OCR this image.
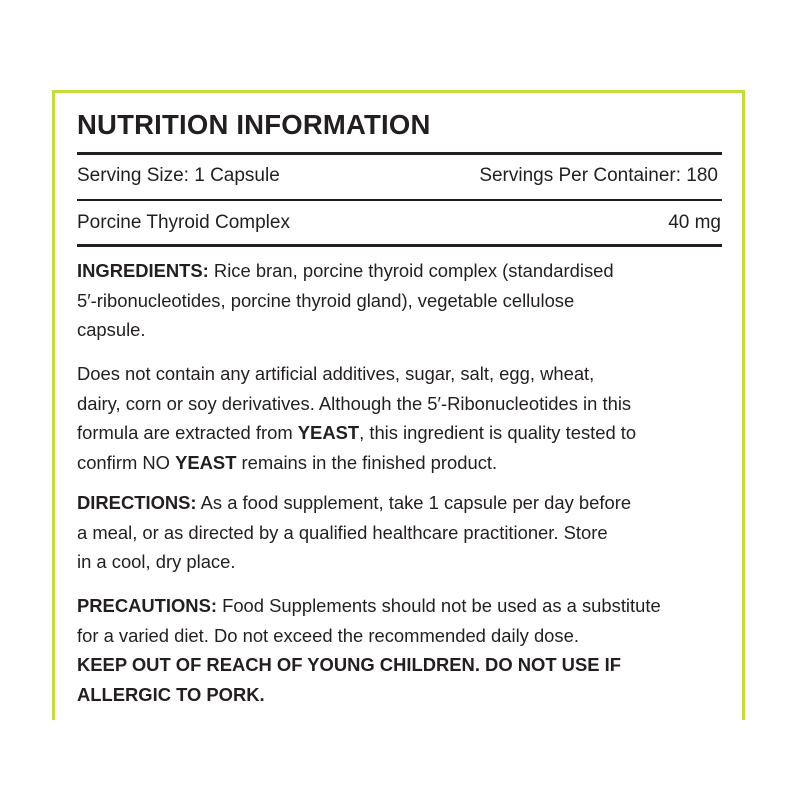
NUTRITION INFORMATION
Serving Size: 1 Capsule	Servings Per Container: 180
Porcine Thyroid Complex	40 mg
INGREDIENTS: Rice bran, porcine thyroid complex (standardised
5′-ribonucleotides, porcine thyroid gland), vegetable cellulose
capsule.
Does not contain any artificial additives, sugar, salt, egg, wheat,
dairy, corn or soy derivatives. Although the 5′-Ribonucleotides in this
formula are extracted from YEAST, this ingredient is quality tested to
confirm NO YEAST remains in the finished product.
DIRECTIONS: As a food supplement, take 1 capsule per day before
a meal, or as directed by a qualified healthcare practitioner. Store
in a cool, dry place.
PRECAUTIONS: Food Supplements should not be used as a substitute
for a varied diet. Do not exceed the recommended daily dose.
KEEP OUT OF REACH OF YOUNG CHILDREN. DO NOT USE IF
ALLERGIC TO PORK.
